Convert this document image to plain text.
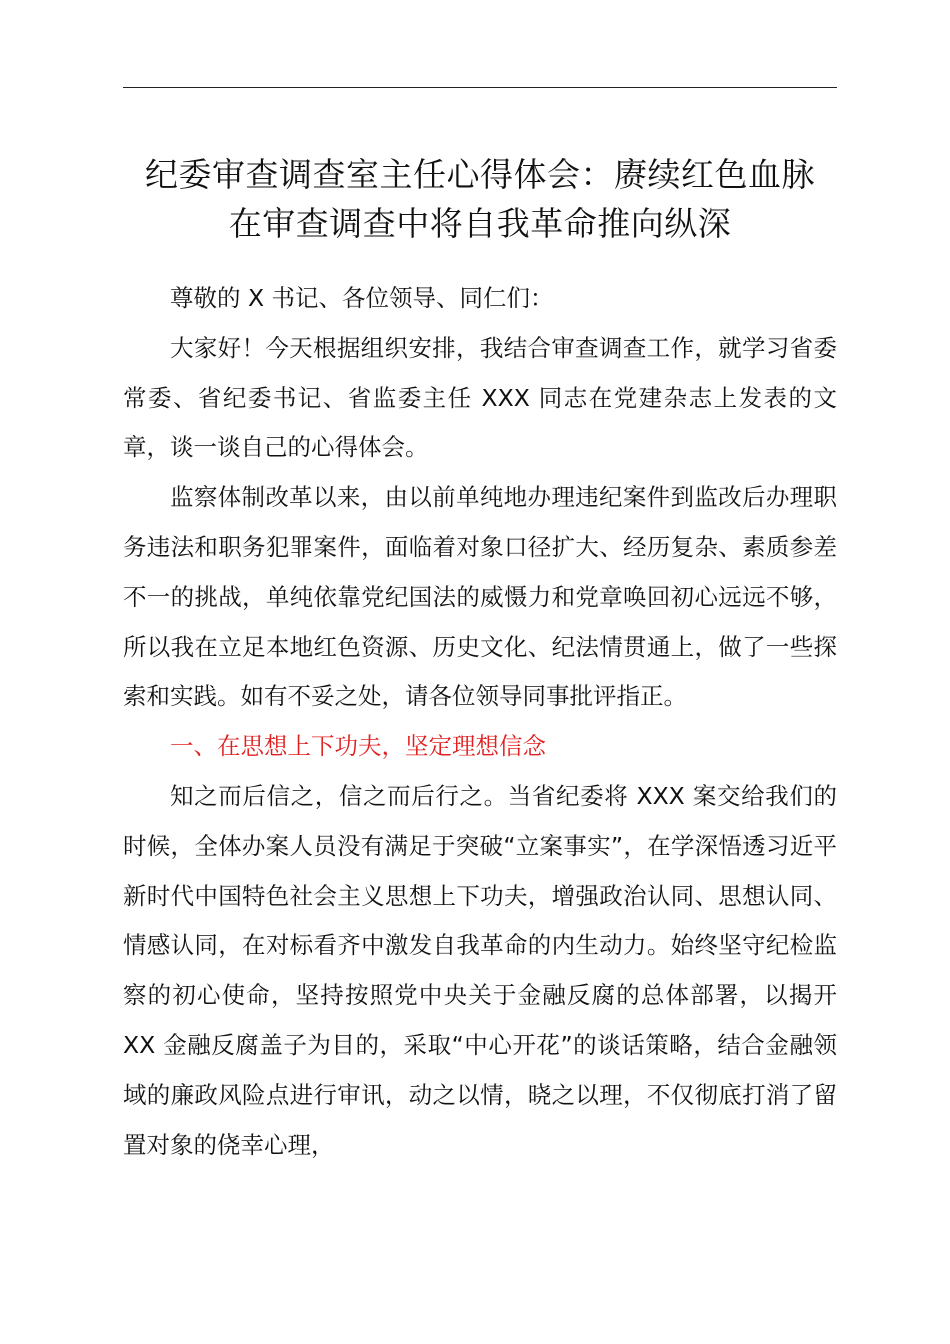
纪委审查调查室主任心得体会：赓续红色血脉
在审查调查中将自我革命推向纵深

尊敬的 X 书记、各位领导、同仁们：

大家好！今天根据组织安排，我结合审查调查工作，就学习省委常委、省纪委书记、省监委主任 XXX 同志在党建杂志上发表的文章，谈一谈自己的心得体会。

监察体制改革以来，由以前单纯地办理违纪案件到监改后办理职务违法和职务犯罪案件，面临着对象口径扩大、经历复杂、素质参差不一的挑战，单纯依靠党纪国法的威慑力和党章唤回初心远远不够，所以我在立足本地红色资源、历史文化、纪法情贯通上，做了一些探索和实践。如有不妥之处，请各位领导同事批评指正。

一、在思想上下功夫，坚定理想信念

知之而后信之，信之而后行之。当省纪委将 XXX 案交给我们的时候，全体办案人员没有满足于突破“立案事实”，在学深悟透习近平新时代中国特色社会主义思想上下功夫，增强政治认同、思想认同、情感认同，在对标看齐中激发自我革命的内生动力。始终坚守纪检监察的初心使命，坚持按照党中央关于金融反腐的总体部署，以揭开 XX 金融反腐盖子为目的，采取“中心开花”的谈话策略，结合金融领域的廉政风险点进行审讯，动之以情，晓之以理，不仅彻底打消了留置对象的侥幸心理，
